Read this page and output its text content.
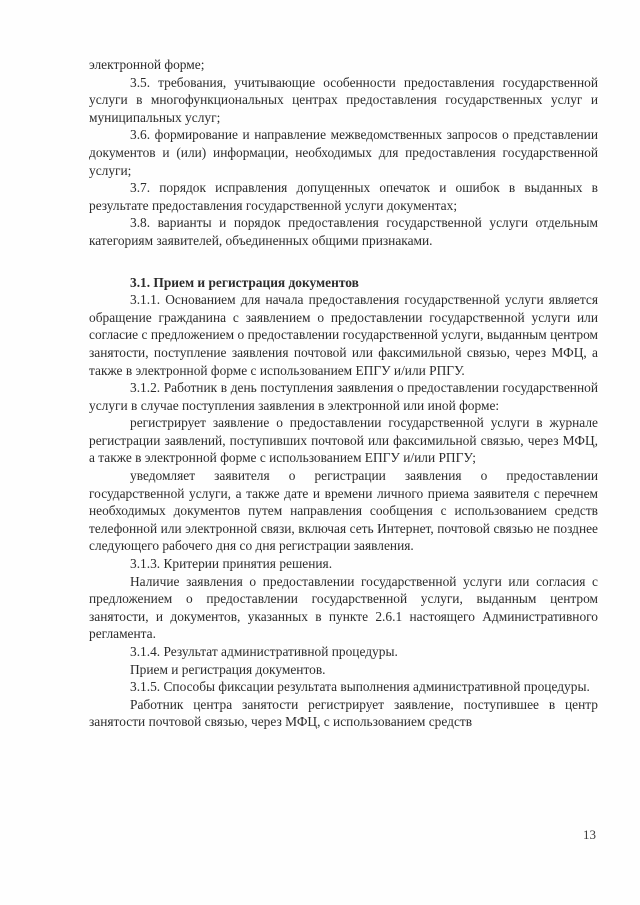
электронной форме;

3.5. требования, учитывающие особенности предоставления государственной услуги в многофункциональных центрах предоставления государственных услуг и муниципальных услуг;

3.6. формирование и направление межведомственных запросов о представлении документов и (или) информации, необходимых для предоставления государственной услуги;

3.7. порядок исправления допущенных опечаток и ошибок в выданных в результате предоставления государственной услуги документах;

3.8. варианты и порядок предоставления государственной услуги отдельным категориям заявителей, объединенных общими признаками.

3.1. Прием и регистрация документов

3.1.1. Основанием для начала предоставления государственной услуги является обращение гражданина с заявлением о предоставлении государственной услуги или согласие с предложением о предоставлении государственной услуги, выданным центром занятости, поступление заявления почтовой или факсимильной связью, через МФЦ, а также в электронной форме с использованием ЕПГУ и/или РПГУ.

3.1.2. Работник в день поступления заявления о предоставлении государственной услуги в случае поступления заявления в электронной или иной форме:

регистрирует заявление о предоставлении государственной услуги в журнале регистрации заявлений, поступивших почтовой или факсимильной связью, через МФЦ, а также в электронной форме с использованием ЕПГУ и/или РПГУ;

уведомляет заявителя о регистрации заявления о предоставлении государственной услуги, а также дате и времени личного приема заявителя с перечнем необходимых документов путем направления сообщения с использованием средств телефонной или электронной связи, включая сеть Интернет, почтовой связью не позднее следующего рабочего дня со дня регистрации заявления.

3.1.3. Критерии принятия решения.

Наличие заявления о предоставлении государственной услуги или согласия с предложением о предоставлении государственной услуги, выданным центром занятости, и документов, указанных в пункте 2.6.1 настоящего Административного регламента.

3.1.4. Результат административной процедуры.

Прием и регистрация документов.

3.1.5. Способы фиксации результата выполнения административной процедуры.

Работник центра занятости регистрирует заявление, поступившее в центр занятости почтовой связью, через МФЦ, с использованием средств

13
